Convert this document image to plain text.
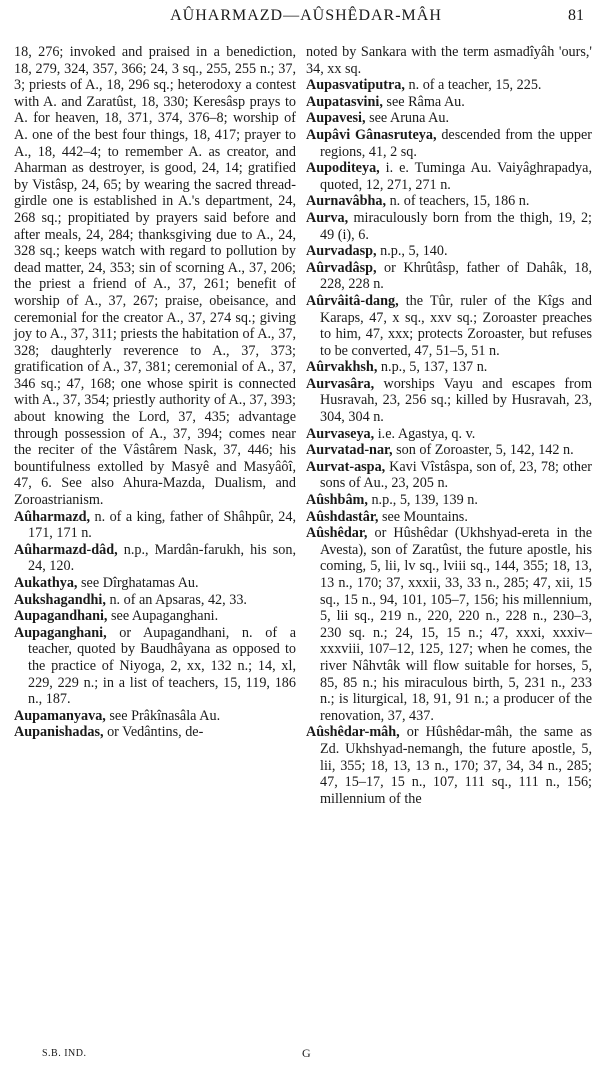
AÛHARMAZD—AÛSHÊDAR-MÂH	81

18, 276; invoked and praised in a benediction, 18, 279, 324, 357, 366; 24, 3 sq., 255, 255 n.; 37, 3; priests of A., 18, 296 sq.; heterodoxy a contest with A. and Zaratûst, 18, 330; Keresâsp prays to A. for heaven, 18, 371, 374, 376–8; worship of A. one of the best four things, 18, 417; prayer to A., 18, 442–4; to remember A. as creator, and Aharman as destroyer, is good, 24, 14; gratified by Vistâsp, 24, 65; by wearing the sacred thread-girdle one is established in A.'s department, 24, 268 sq.; propitiated by prayers said before and after meals, 24, 284; thanksgiving due to A., 24, 328 sq.; keeps watch with regard to pollution by dead matter, 24, 353; sin of scorning A., 37, 206; the priest a friend of A., 37, 261; benefit of worship of A., 37, 267; praise, obeisance, and ceremonial for the creator A., 37, 274 sq.; giving joy to A., 37, 311; priests the habitation of A., 37, 328; daughterly reverence to A., 37, 373; gratification of A., 37, 381; ceremonial of A., 37, 346 sq.; 47, 168; one whose spirit is connected with A., 37, 354; priestly authority of A., 37, 393; about knowing the Lord, 37, 435; advantage through possession of A., 37, 394; comes near the reciter of the Vâstârem Nask, 37, 446; his bountifulness extolled by Masyê and Masyâôî, 47, 6. See also Ahura-Mazda, Dualism, and Zoroastrianism.

Aûharmazd, n. of a king, father of Shâhpûr, 24, 171, 171 n.

Aûharmazd-dâd, n.p., Mardân-farukh, his son, 24, 120.

Aukathya, see Dîrghatamas Au.

Aukshagandhi, n. of an Apsaras, 42, 33.

Aupagandhani, see Aupaganghani.

Aupaganghani, or Aupagandhani, n. of a teacher, quoted by Baudhâyana as opposed to the practice of Niyoga, 2, xx, 132 n.; 14, xl, 229, 229 n.; in a list of teachers, 15, 119, 186 n., 187.

Aupamanyava, see Prâkînasâla Au.

Aupanishadas, or Vedântins, de-

noted by Sankara with the term asmadîyâh 'ours,' 34, xx sq.

Aupasvatiputra, n. of a teacher, 15, 225.

Aupatasvini, see Râma Au.

Aupavesi, see Aruna Au.

Aupâvi Gânasruteya, descended from the upper regions, 41, 2 sq.

Aupoditeya, i. e. Tuminga Au. Vaiyâghrapadya, quoted, 12, 271, 271 n.

Aurnavâbha, n. of teachers, 15, 186 n.

Aurva, miraculously born from the thigh, 19, 2; 49 (i), 6.

Aurvadasp, n.p., 5, 140.

Aûrvadâsp, or Khrûtâsp, father of Dahâk, 18, 228, 228 n.

Aûrvâitâ-dang, the Tûr, ruler of the Kîgs and Karaps, 47, x sq., xxv sq.; Zoroaster preaches to him, 47, xxx; protects Zoroaster, but refuses to be converted, 47, 51–5, 51 n.

Aûrvakhsh, n.p., 5, 137, 137 n.

Aurvasâra, worships Vayu and escapes from Husravah, 23, 256 sq.; killed by Husravah, 23, 304, 304 n.

Aurvaseya, i.e. Agastya, q. v.

Aurvatad-nar, son of Zoroaster, 5, 142, 142 n.

Aurvat-aspa, Kavi Vîstâspa, son of, 23, 78; other sons of Au., 23, 205 n.

Aûshbâm, n.p., 5, 139, 139 n.

Aûshdastâr, see Mountains.

Aûshêdar, or Hûshêdar (Ukhshyad-ereta in the Avesta), son of Zaratûst, the future apostle, his coming, 5, lii, lv sq., lviii sq., 144, 355; 18, 13, 13 n., 170; 37, xxxii, 33, 33 n., 285; 47, xii, 15 sq., 15 n., 94, 101, 105–7, 156; his millennium, 5, lii sq., 219 n., 220, 220 n., 228 n., 230–3, 230 sq. n.; 24, 15, 15 n.; 47, xxxi, xxxiv–xxxviii, 107–12, 125, 127; when he comes, the river Nâhvtâk will flow suitable for horses, 5, 85, 85 n.; his miraculous birth, 5, 231 n., 233 n.; is liturgical, 18, 91, 91 n.; a producer of the renovation, 37, 437.

Aûshêdar-mâh, or Hûshêdar-mâh, the same as Zd. Ukhshyad-nemangh, the future apostle, 5, lii, 355; 18, 13, 13 n., 170; 37, 34, 34 n., 285; 47, 15–17, 15 n., 107, 111 sq., 111 n., 156; millennium of the

S.B. IND.	G
